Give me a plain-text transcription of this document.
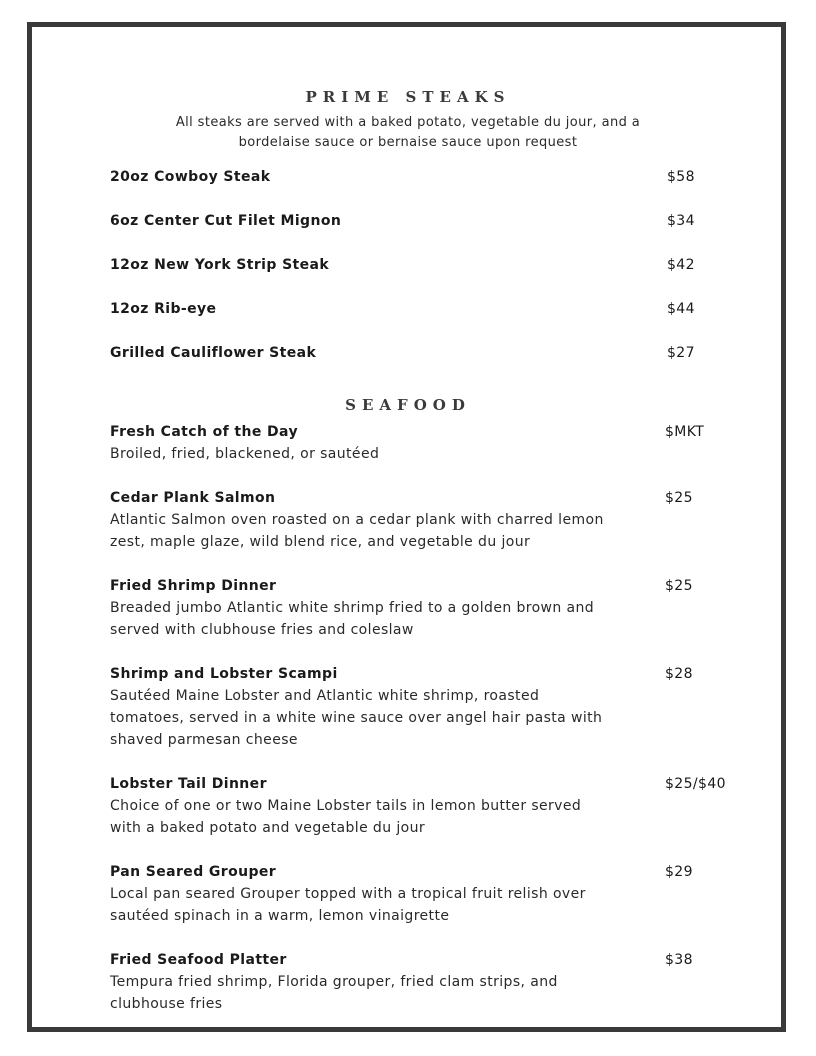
PRIME STEAKS

All steaks are served with a baked potato, vegetable du jour, and a
bordelaise sauce or bernaise sauce upon request

20oz Cowboy Steak	$58
6oz Center Cut Filet Mignon	$34
12oz New York Strip Steak	$42
12oz Rib-eye	$44
Grilled Cauliflower Steak	$27
SEAFOOD
Fresh Catch of the Day	$MKT
Broiled, fried, blackened, or sautéed
Cedar Plank Salmon	$25
Atlantic Salmon oven roasted on a cedar plank with charred lemon
zest, maple glaze, wild blend rice, and vegetable du jour
Fried Shrimp Dinner	$25
Breaded jumbo Atlantic white shrimp fried to a golden brown and
served with clubhouse fries and coleslaw
Shrimp and Lobster Scampi	$28
Sautéed Maine Lobster and Atlantic white shrimp, roasted
tomatoes, served in a white wine sauce over angel hair pasta with
shaved parmesan cheese
Lobster Tail Dinner	$25/$40
Choice of one or two Maine Lobster tails in lemon butter served
with a baked potato and vegetable du jour
Pan Seared Grouper	$29
Local pan seared Grouper topped with a tropical fruit relish over
sautéed spinach in a warm, lemon vinaigrette
Fried Seafood Platter	$38
Tempura fried shrimp, Florida grouper, fried clam strips, and
clubhouse fries
